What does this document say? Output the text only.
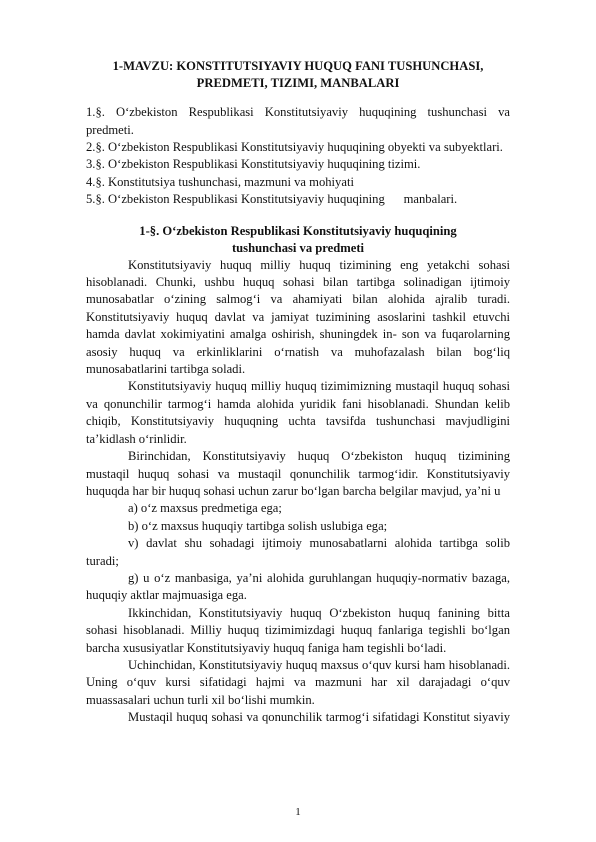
1-MAVZU: KONSTITUTSIYAVIY HUQUQ FANI TUSHUNCHASI,
PREDMETI, TIZIMI, MANBALARI
1.§. O‘zbekiston Respublikasi Konstitutsiyaviy huquqining tushunchasi va predmeti.
2.§. O‘zbekiston Respublikasi Konstitutsiyaviy huquqining obyekti va subyektlari.
3.§. O‘zbekiston Respublikasi Konstitutsiyaviy huquqining tizimi.
4.§. Konstitutsiya tushunchasi, mazmuni va mohiyati
5.§. O‘zbekiston Respublikasi Konstitutsiyaviy huquqining      manbalari.
1-§. O‘zbekiston Respublikasi Konstitutsiyaviy huquqining
tushunchasi va predmeti

Konstitutsiyaviy huquq milliy huquq tizimining eng yetakchi sohasi hisoblanadi. Chunki, ushbu huquq sohasi bilan tartibga solinadigan ijtimoiy munosabatlar o‘zining salmog‘i va ahamiyati bilan alohida ajralib turadi. Konstitutsiyaviy huquq davlat va jamiyat tuzimining asoslarini tashkil etuvchi hamda davlat xokimiyatini amalga oshirish, shuningdek in- son va fuqarolarning asosiy huquq va erkinliklarini o‘rnatish va muhofazalash bilan bog‘liq munosabatlarini tartibga soladi.

Konstitutsiyaviy huquq milliy huquq tizimimizning mustaqil huquq sohasi va qonunchilir tarmog‘i hamda alohida yuridik fani hisoblanadi. Shundan kelib chiqib, Konstitutsiyaviy huquqning uchta tavsifda tushunchasi mavjudligini ta’kidlash o‘rinlidir.

Birinchidan, Konstitutsiyaviy huquq O‘zbekiston huquq tizimining mustaqil huquq sohasi va mustaqil qonunchilik tarmog‘idir. Konstitutsiyaviy huquqda har bir huquq sohasi uchun zarur bo‘lgan barcha belgilar mavjud, ya’ni u

a) o‘z maxsus predmetiga ega;

b) o‘z maxsus huquqiy tartibga solish uslubiga ega;

v) davlat shu sohadagi ijtimoiy munosabatlarni alohida tartibga solib turadi;

g) u o‘z manbasiga, ya’ni alohida guruhlangan huquqiy-normativ bazaga, huquqiy aktlar majmuasiga ega.

Ikkinchidan, Konstitutsiyaviy huquq O‘zbekiston huquq fanining bitta sohasi hisoblanadi. Milliy huquq tizimimizdagi huquq fanlariga tegishli bo‘lgan barcha xususiyatlar Konstitutsiyaviy huquq faniga ham tegishli bo‘ladi.

Uchinchidan, Konstitutsiyaviy huquq maxsus o‘quv kursi ham hisoblanadi. Uning o‘quv kursi sifatidagi hajmi va mazmuni har xil darajadagi o‘quv muassasalari uchun turli xil bo‘lishi mumkin.

Mustaqil huquq sohasi va qonunchilik tarmog‘i sifatidagi Konstitut siyaviy

1
